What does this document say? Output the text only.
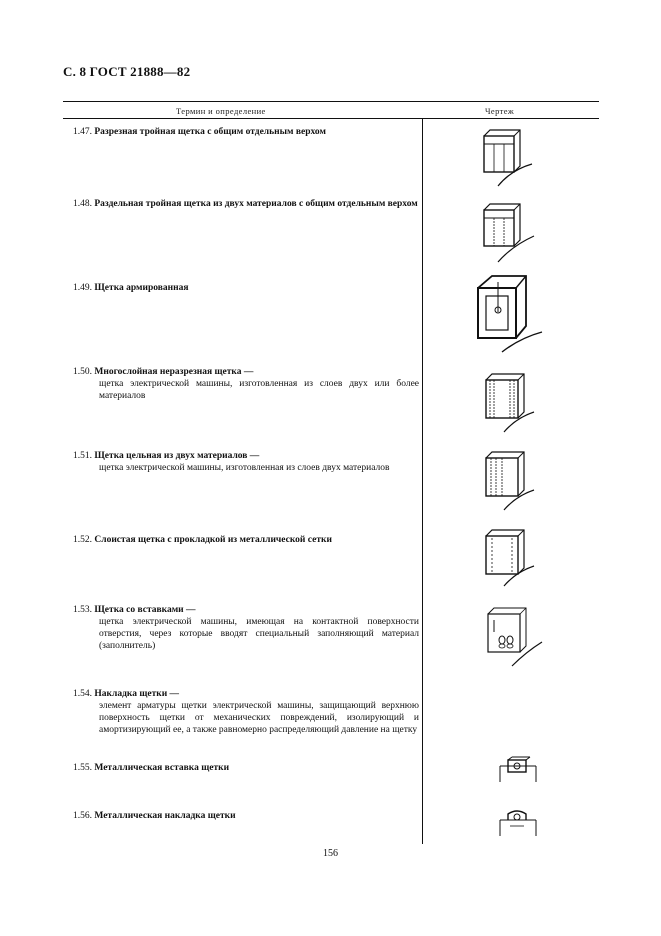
С. 8 ГОСТ 21888—82
Термин и определение	Чертеж
1.47. Разрезная тройная щетка с общим отдельным верхом
1.48. Раздельная тройная щетка из двух материалов с общим отдельным верхом
1.49. Щетка армированная
1.50. Многослойная неразрезная щетка —
щетка электрической машины, изготовленная из слоев двух или более материалов
1.51. Щетка цельная из двух материалов —
щетка электрической машины, изготовленная из слоев двух материалов
1.52. Слоистая щетка с прокладкой из металлической сетки
1.53. Щетка со вставками —
щетка электрической машины, имеющая на контактной поверхности отверстия, через которые вводят специальный заполняющий материал (заполнитель)
1.54. Накладка щетки —
элемент арматуры щетки электрической машины, защищающий верхнюю поверхность щетки от механических повреждений, изолирующий и амортизирующий ее, а также равномерно распределяющий давление на щетку
1.55. Металлическая вставка щетки
1.56. Металлическая накладка щетки
156
